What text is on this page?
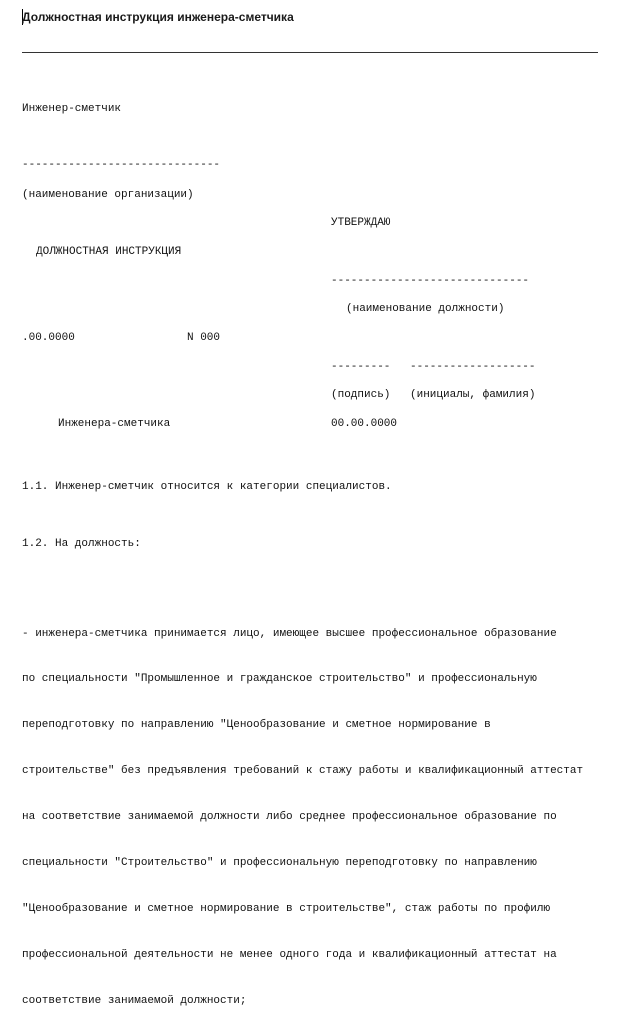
Должностная инструкция инженера-сметчика
Инженер-сметчик
------------------------------
(наименование организации)
УТВЕРЖДАЮ
ДОЛЖНОСТНАЯ ИНСТРУКЦИЯ
------------------------------
(наименование должности)
.00.0000	N 000
--------- -------------------
(подпись) (инициалы, фамилия)
Инженера-сметчика	00.00.0000
1.1. Инженер-сметчик относится к категории специалистов.
1.2. На должность:

- инженера-сметчика принимается лицо, имеющее высшее профессиональное образование

по специальности "Промышленное и гражданское строительство" и профессиональную

переподготовку по направлению "Ценообразование и сметное нормирование в

строительстве" без предъявления требований к стажу работы и квалификационный аттестат

на соответствие занимаемой должности либо среднее профессиональное образование по

специальности "Строительство" и профессиональную переподготовку по направлению

"Ценообразование и сметное нормирование в строительстве", стаж работы по профилю

профессиональной деятельности не менее одного года и квалификационный аттестат на

соответствие занимаемой должности;
